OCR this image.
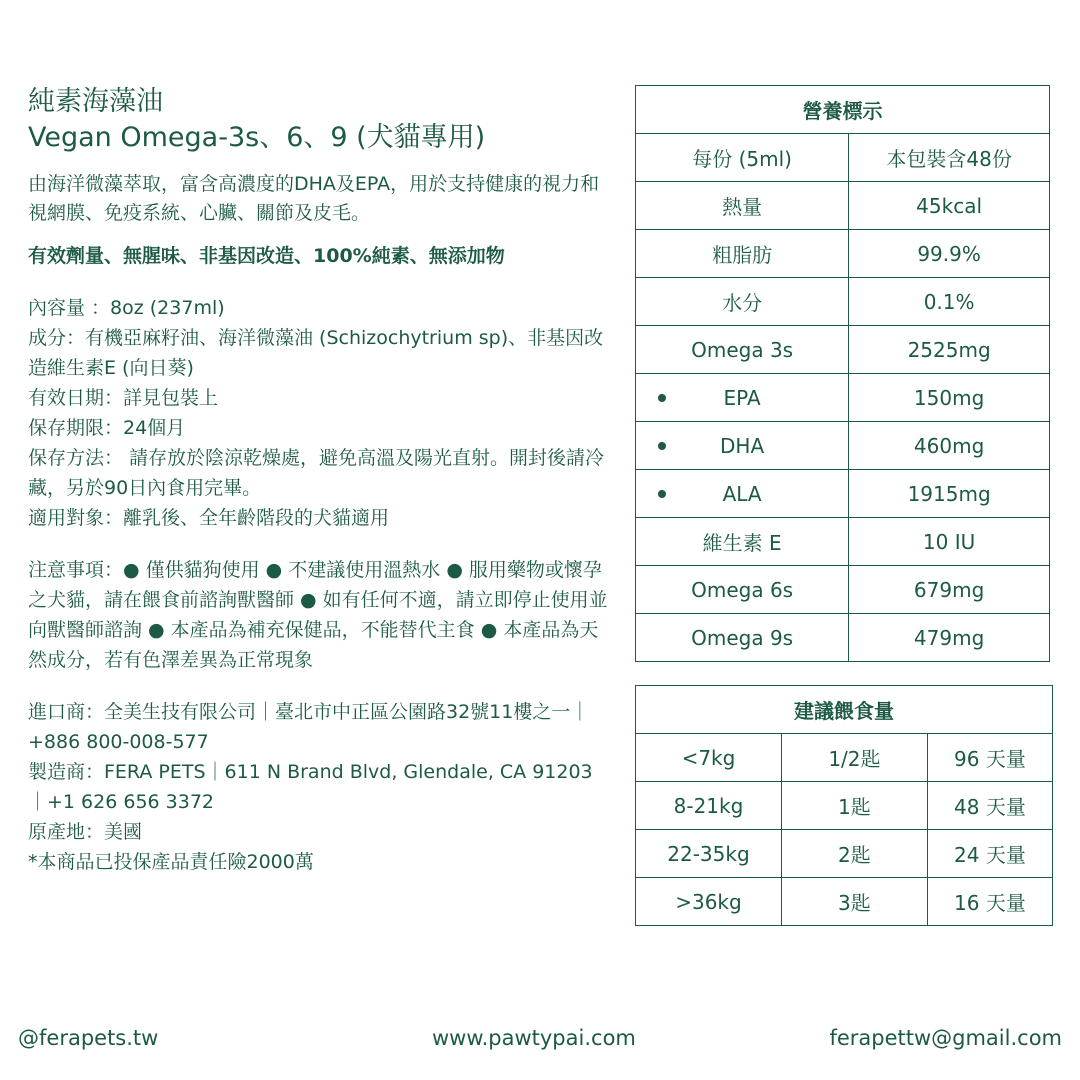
純素海藻油
Vegan Omega-3s、6、9 (犬貓專用)
由海洋微藻萃取，富含高濃度的DHA及EPA，用於支持健康的視力和視網膜、免疫系統、心臟、關節及皮毛。
有效劑量、無腥味、非基因改造、100%純素、無添加物
內容量 ：8oz (237ml)
成分：有機亞麻籽油、海洋微藻油 (Schizochytrium sp)、非基因改造維生素E (向日葵)
有效日期：詳見包裝上
保存期限：24個月
保存方法： 請存放於陰涼乾燥處，避免高溫及陽光直射。開封後請冷藏，另於90日內食用完畢。
適用對象：離乳後、全年齡階段的犬貓適用
注意事項：● 僅供貓狗使用 ● 不建議使用溫熱水 ● 服用藥物或懷孕之犬貓，請在餵食前諮詢獸醫師 ● 如有任何不適，請立即停止使用並向獸醫師諮詢 ● 本產品為補充保健品，不能替代主食 ● 本產品為天然成分，若有色澤差異為正常現象
進口商：全美生技有限公司｜臺北市中正區公園路32號11樓之一｜+886 800-008-577
製造商：FERA PETS｜611 N Brand Blvd, Glendale, CA 91203｜+1 626 656 3372
原產地：美國
*本商品已投保產品責任險2000萬
營養標示	
每份 (5ml)	本包裝含48份
熱量	45kcal
粗脂肪	99.9%
水分	0.1%
Omega 3s	2525mg

EPA	150mg

DHA	460mg

ALA	1915mg
維生素 E	10 IU
Omega 6s	679mg
Omega 9s	479mg
建議餵食量		
<7kg	1/2匙	96 天量
8-21kg	1匙	48 天量
22-35kg	2匙	24 天量
>36kg	3匙	16 天量
@ferapets.tw	www.pawtypai.com	ferapettw@gmail.com
